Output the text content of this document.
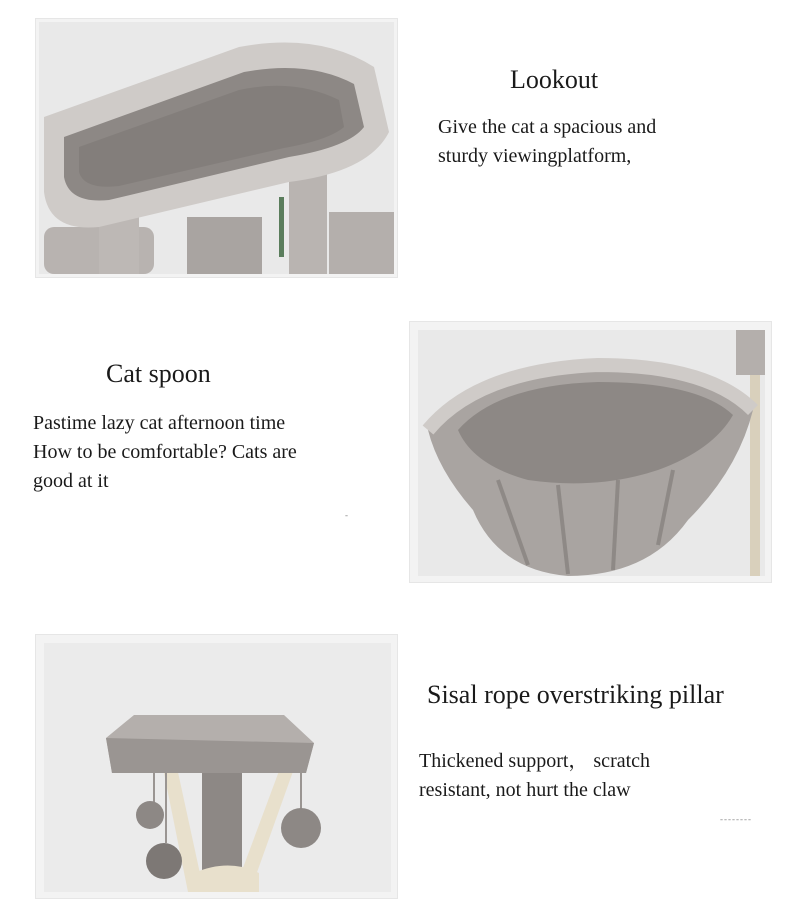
Lookout
Give the cat a spacious and
sturdy viewingplatform,
Cat spoon
Pastime lazy cat afternoon time
How to be comfortable? Cats are
good at it
-
Sisal rope overstriking pillar
Thickened support， scratch
resistant, not hurt the claw
--------
